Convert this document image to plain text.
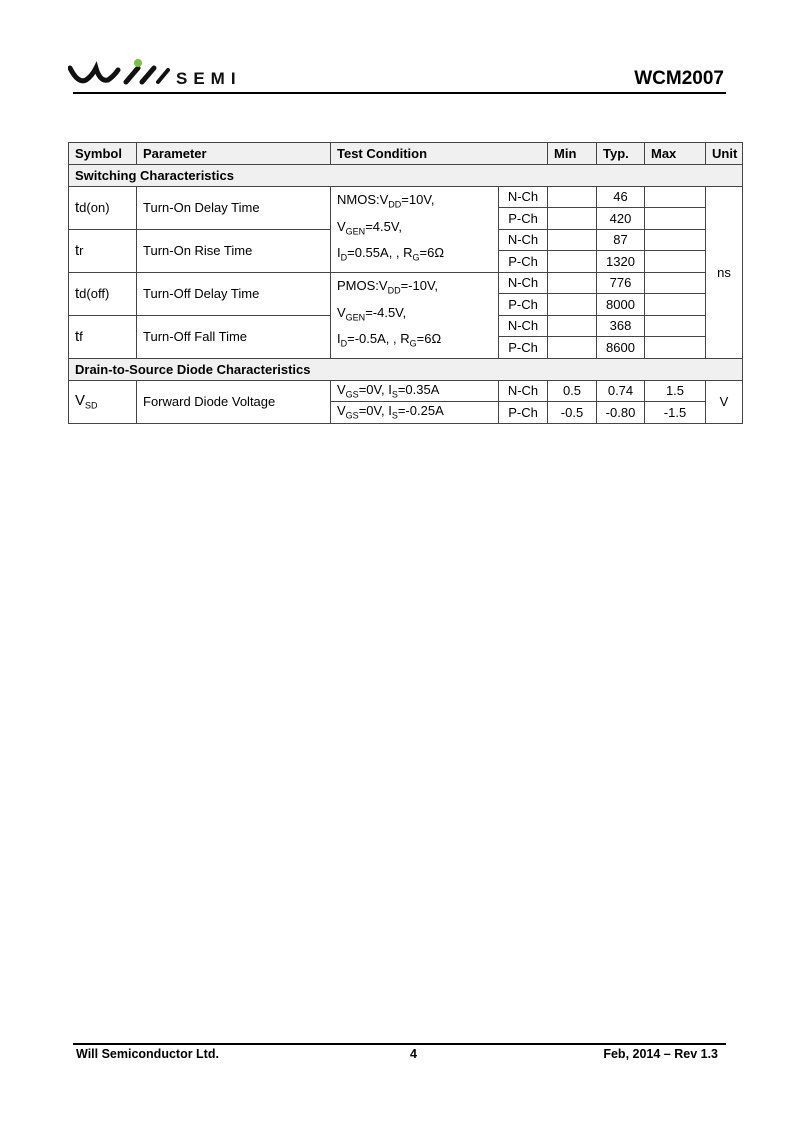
SEMI	WCM2007
Symbol	Parameter	Test Condition		Min	Typ.	Max	Unit
Switching Characteristics							
td(on)	Turn-On Delay Time	$NMOS:V_{DD}=10V$,
$V_{GEN}=4.5V$,
$I_D=0.55A$, , $R_G=6\Omega$	N-Ch		46		ns
			P-Ch		420		
tr	Turn-On Rise Time		N-Ch		87		
			P-Ch		1320		
td(off)	Turn-Off Delay Time	$PMOS:V_{DD}=-10V$,
$V_{GEN}=-4.5V$,
$I_D=-0.5A$, , $R_G=6\Omega$	N-Ch		776		
			P-Ch		8000		
tf	Turn-Off Fall Time		N-Ch		368		
			P-Ch		8600		
Drain-to-Source Diode Characteristics							
$V_{SD}$	Forward Diode Voltage	$V_{GS}=0V$, $I_S=0.35A$	N-Ch	0.5	0.74	1.5	V
		$V_{GS}=0V$, $I_S=-0.25A$	P-Ch	-0.5	-0.80	-1.5	
Will Semiconductor Ltd.	4	Feb, 2014 – Rev 1.3
